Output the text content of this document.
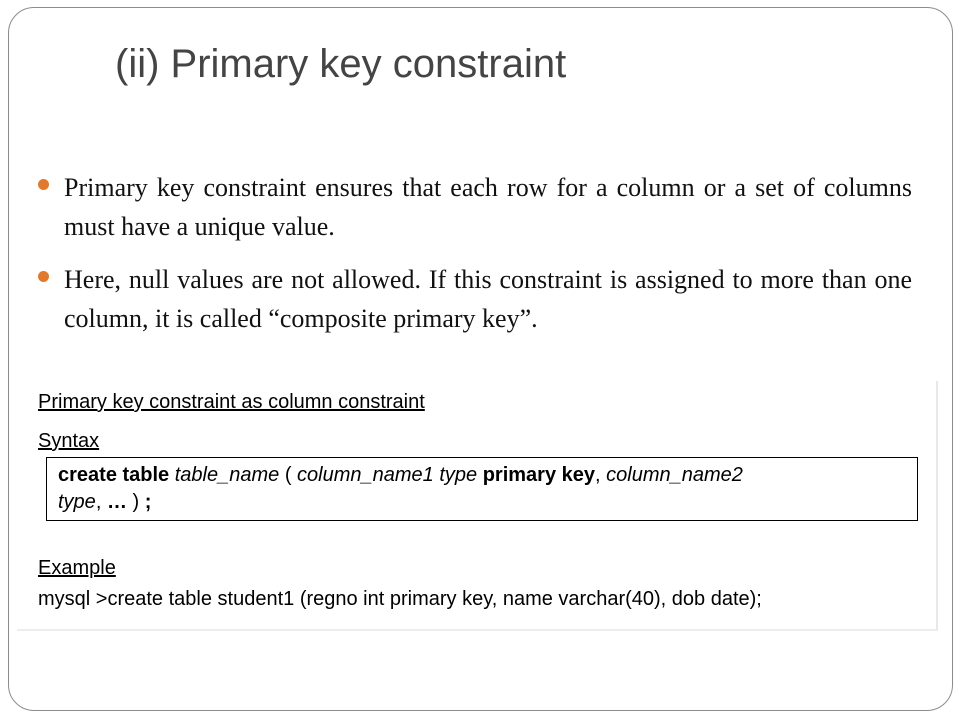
(ii) Primary key constraint
Primary key constraint ensures that each row for a column or a set of columns must have a unique value.
Here, null values are not allowed. If this constraint is assigned to more than one column, it is called “composite primary key”.
Primary key constraint as column constraint
Syntax
create table table_name ( column_name1 type primary key, column_name2
type, … ) ;
Example
mysql >create table student1 (regno int primary key, name varchar(40), dob date);
